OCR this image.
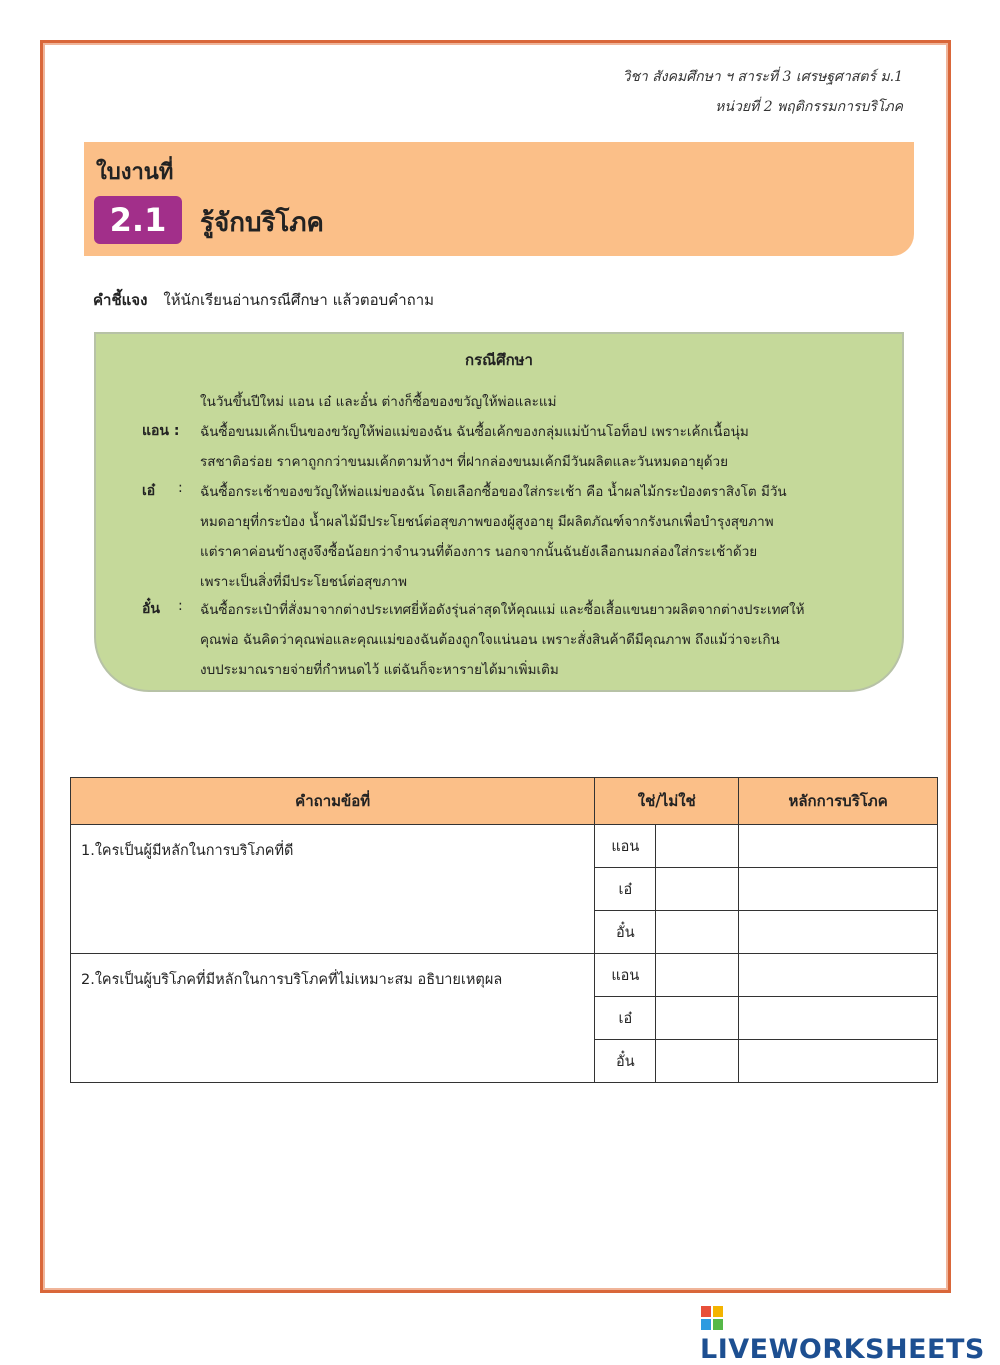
วิชา สังคมศึกษา ฯ สาระที่ 3 เศรษฐศาสตร์ ม.1
หน่วยที่ 2 พฤติกรรมการบริโภค
ใบงานที่
2.1	รู้จักบริโภค
คำชี้แจง ให้นักเรียนอ่านกรณีศึกษา แล้วตอบคำถาม
กรณีศึกษา
ในวันขึ้นปีใหม่ แอน เอ๋ และอั๋น ต่างก็ซื้อของขวัญให้พ่อและแม่
แอน : ฉันซื้อขนมเค้กเป็นของขวัญให้พ่อแม่ของฉัน ฉันซื้อเค้กของกลุ่มแม่บ้านโอท็อป เพราะเค้กเนื้อนุ่ม
รสชาติอร่อย ราคาถูกกว่าขนมเค้กตามห้างฯ ที่ฝากล่องขนมเค้กมีวันผลิตและวันหมดอายุด้วย
เอ๋ : ฉันซื้อกระเช้าของขวัญให้พ่อแม่ของฉัน โดยเลือกซื้อของใส่กระเช้า คือ น้ำผลไม้กระป๋องตราสิงโต มีวัน
หมดอายุที่กระป๋อง น้ำผลไม้มีประโยชน์ต่อสุขภาพของผู้สูงอายุ มีผลิตภัณฑ์จากรังนกเพื่อบำรุงสุขภาพ
แต่ราคาค่อนข้างสูงจึงซื้อน้อยกว่าจำนวนที่ต้องการ นอกจากนั้นฉันยังเลือกนมกล่องใส่กระเช้าด้วย
เพราะเป็นสิ่งที่มีประโยชน์ต่อสุขภาพ
อั๋น : ฉันซื้อกระเป๋าที่สั่งมาจากต่างประเทศยี่ห้อดังรุ่นล่าสุดให้คุณแม่ และซื้อเสื้อแขนยาวผลิตจากต่างประเทศให้
คุณพ่อ ฉันคิดว่าคุณพ่อและคุณแม่ของฉันต้องถูกใจแน่นอน เพราะสั่งสินค้าดีมีคุณภาพ ถึงแม้ว่าจะเกิน
งบประมาณรายจ่ายที่กำหนดไว้ แต่ฉันก็จะหารายได้มาเพิ่มเติม
คำถามข้อที่	ใช่/ไม่ใช่		หลักการบริโภค
1.ใครเป็นผู้มีหลักในการบริโภคที่ดี	แอน		
	เอ๋		
	อั๋น		
2.ใครเป็นผู้บริโภคที่มีหลักในการบริโภคที่ไม่เหมาะสม อธิบายเหตุผล	แอน		
	เอ๋		
	อั๋น		
LIVEWORKSHEETS
